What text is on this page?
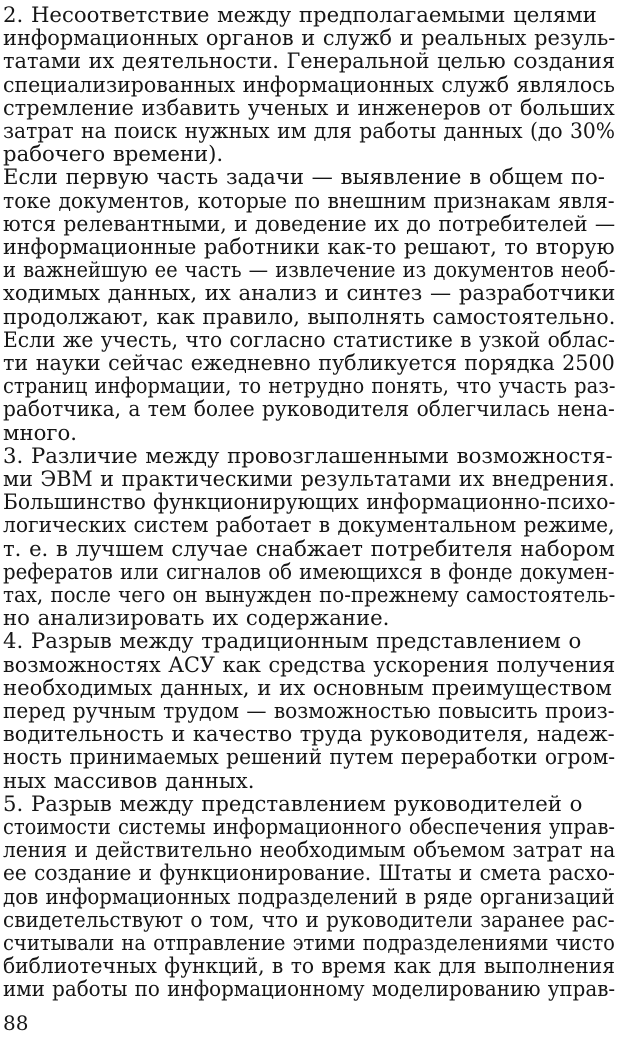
2. Несоответствие между предполагаемыми целями
информационных органов и служб и реальных резуль-
татами их деятельности. Генеральной целью создания
специализированных информационных служб являлось
стремление избавить ученых и инженеров от больших
затрат на поиск нужных им для работы данных (до 30%
рабочего времени).
Если первую часть задачи — выявление в общем по-
токе документов, которые по внешним признакам явля-
ются релевантными, и доведение их до потребителей —
информационные работники как-то решают, то вторую
и важнейшую ее часть — извлечение из документов необ-
ходимых данных, их анализ и синтез — разработчики
продолжают, как правило, выполнять самостоятельно.
Если же учесть, что согласно статистике в узкой облас-
ти науки сейчас ежедневно публикуется порядка 2500
страниц информации, то нетрудно понять, что участь раз-
работчика, а тем более руководителя облегчилась нена-
много.
3. Различие между провозглашенными возможностя-
ми ЭВМ и практическими результатами их внедрения.
Большинство функционирующих информационно-психо-
логических систем работает в документальном режиме,
т. е. в лучшем случае снабжает потребителя набором
рефератов или сигналов об имеющихся в фонде докумен-
тах, после чего он вынужден по-прежнему самостоятель-
но анализировать их содержание.
4. Разрыв между традиционным представлением о
возможностях АСУ как средства ускорения получения
необходимых данных, и их основным преимуществом
перед ручным трудом — возможностью повысить произ-
водительность и качество труда руководителя, надеж-
ность принимаемых решений путем переработки огром-
ных массивов данных.
5. Разрыв между представлением руководителей о
стоимости системы информационного обеспечения управ-
ления и действительно необходимым объемом затрат на
ее создание и функционирование. Штаты и смета расхо-
дов информационных подразделений в ряде организаций
свидетельствуют о том, что и руководители заранее рас-
считывали на отправление этими подразделениями чисто
библиотечных функций, в то время как для выполнения
ими работы по информационному моделированию управ-
88
